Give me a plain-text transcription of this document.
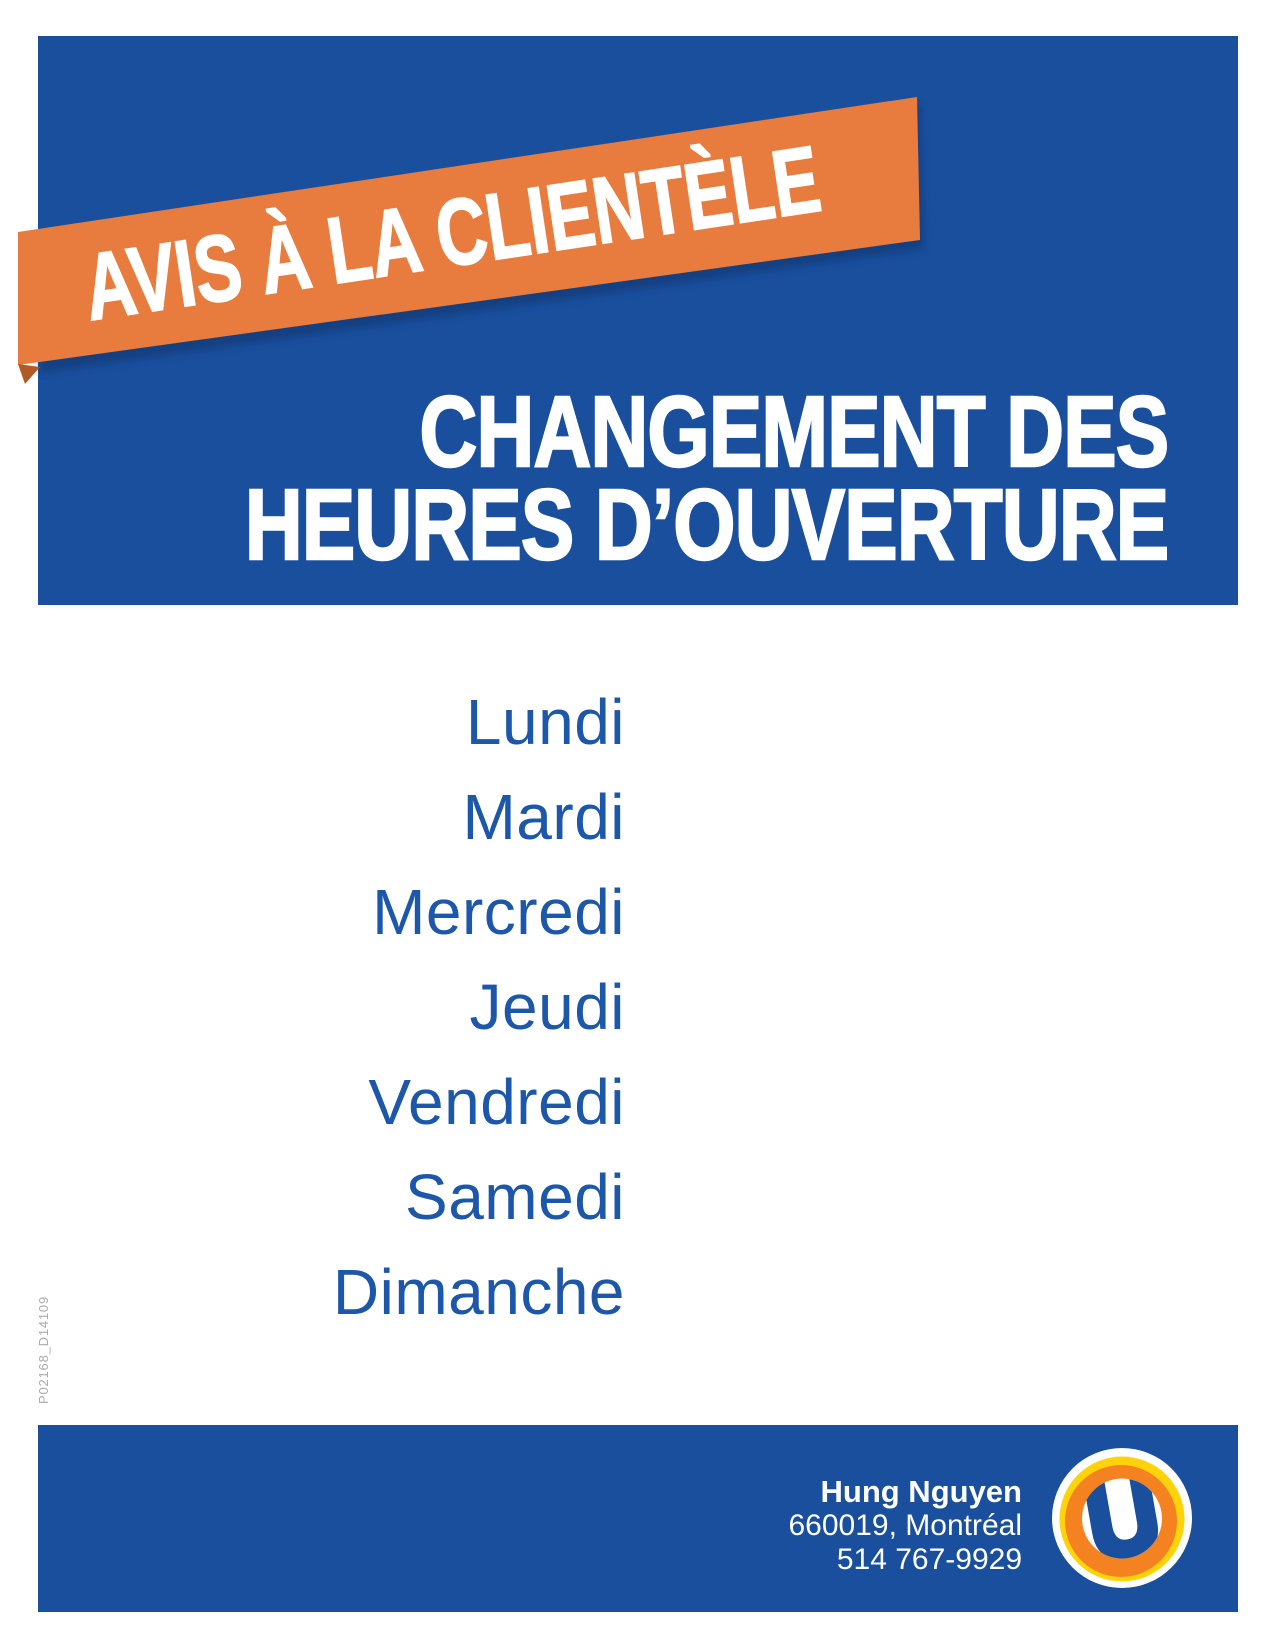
AVIS À LA CLIENTÈLE
CHANGEMENT DES
HEURES D’OUVERTURE
Lundi
Mardi
Mercredi
Jeudi
Vendredi
Samedi
Dimanche
P02168_D14109
Hung Nguyen
660019, Montréal
514 767-9929
